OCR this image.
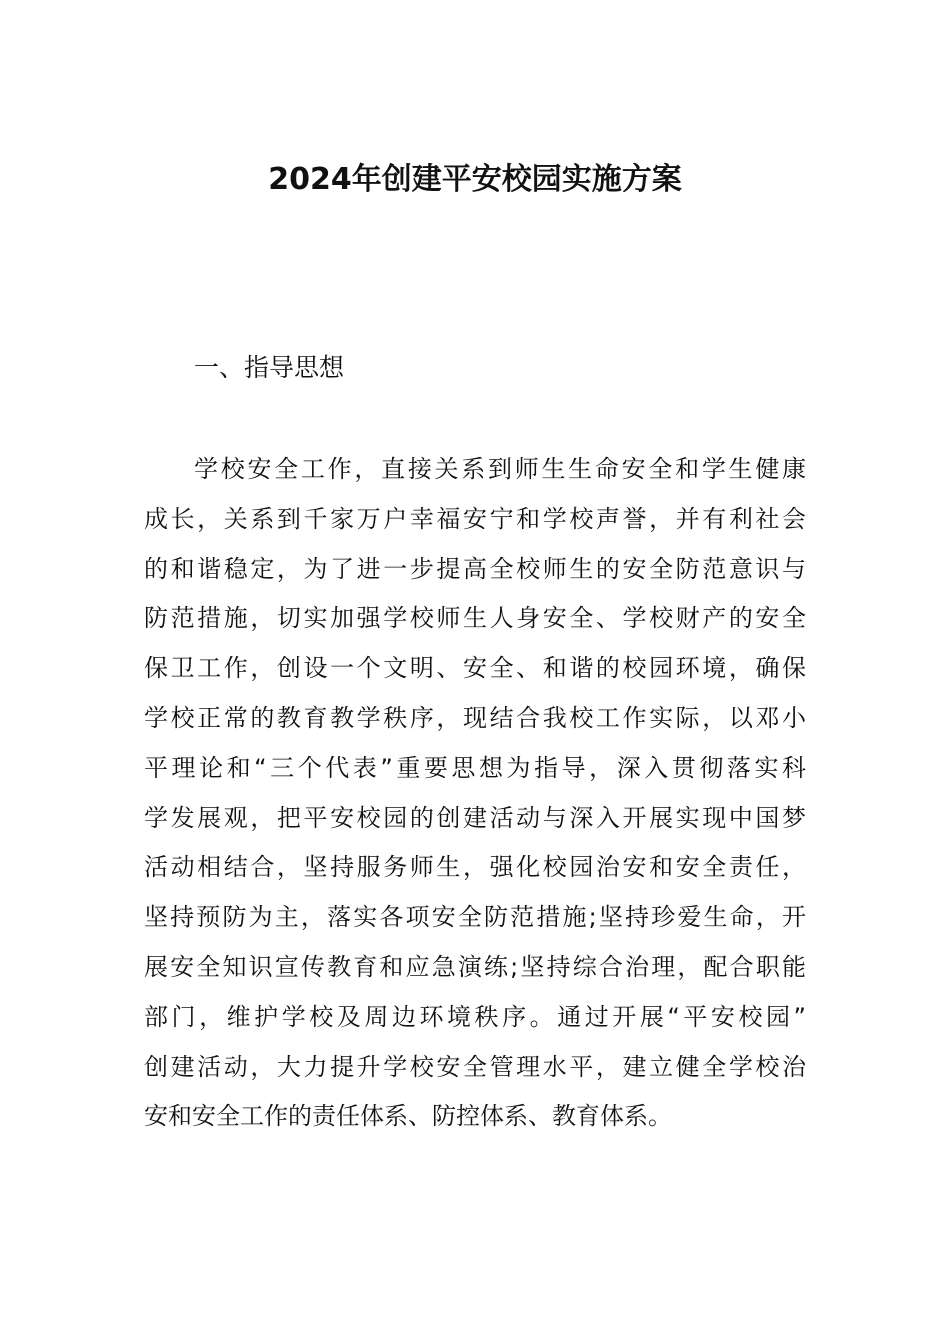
2024年创建平安校园实施方案
一、指导思想
学校安全工作，直接关系到师生生命安全和学生健康
成长，关系到千家万户幸福安宁和学校声誉，并有利社会
的和谐稳定，为了进一步提高全校师生的安全防范意识与
防范措施，切实加强学校师生人身安全、学校财产的安全
保卫工作，创设一个文明、安全、和谐的校园环境，确保
学校正常的教育教学秩序，现结合我校工作实际，以邓小
平理论和“三个代表”重要思想为指导，深入贯彻落实科
学发展观，把平安校园的创建活动与深入开展实现中国梦
活动相结合，坚持服务师生，强化校园治安和安全责任，
坚持预防为主，落实各项安全防范措施;坚持珍爱生命，开
展安全知识宣传教育和应急演练;坚持综合治理，配合职能
部门，维护学校及周边环境秩序。通过开展“平安校园”
创建活动，大力提升学校安全管理水平，建立健全学校治
安和安全工作的责任体系、防控体系、教育体系。
